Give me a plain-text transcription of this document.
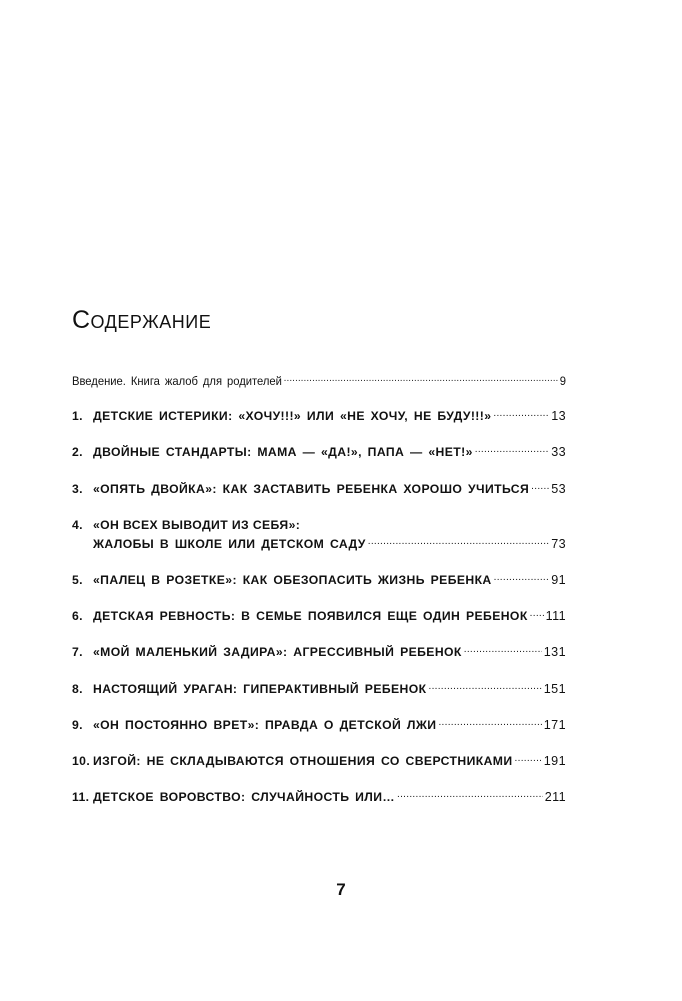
Содержание
Введение. Книга жалоб для родителей .....	9
1. ДЕТСКИЕ ИСТЕРИКИ: «ХОЧУ!!!» ИЛИ «НЕ ХОЧУ, НЕ БУДУ!!!» .....	13
2. ДВОЙНЫЕ СТАНДАРТЫ: МАМА — «ДА!», ПАПА — «НЕТ!» .....	33
3. «ОПЯТЬ ДВОЙКА»: КАК ЗАСТАВИТЬ РЕБЕНКА ХОРОШО УЧИТЬСЯ ..... 53
4. «ОН ВСЕХ ВЫВОДИТ ИЗ СЕБЯ»:
ЖАЛОБЫ В ШКОЛЕ ИЛИ ДЕТСКОМ САДУ .....	73
5. «ПАЛЕЦ В РОЗЕТКЕ»: КАК ОБЕЗОПАСИТЬ ЖИЗНЬ РЕБЕНКА .....	91
6. ДЕТСКАЯ РЕВНОСТЬ: В СЕМЬЕ ПОЯВИЛСЯ ЕЩЕ ОДИН РЕБЕНОК ..... 111
7. «МОЙ МАЛЕНЬКИЙ ЗАДИРА»: АГРЕССИВНЫЙ РЕБЕНОК .....	131
8. НАСТОЯЩИЙ УРАГАН: ГИПЕРАКТИВНЫЙ РЕБЕНОК .....	151
9. «ОН ПОСТОЯННО ВРЕТ»: ПРАВДА О ДЕТСКОЙ ЛЖИ .....	171
10. ИЗГОЙ: НЕ СКЛАДЫВАЮТСЯ ОТНОШЕНИЯ СО СВЕРСТНИКАМИ ..... 191
11. ДЕТСКОЕ ВОРОВСТВО: СЛУЧАЙНОСТЬ ИЛИ… .....	211
7
